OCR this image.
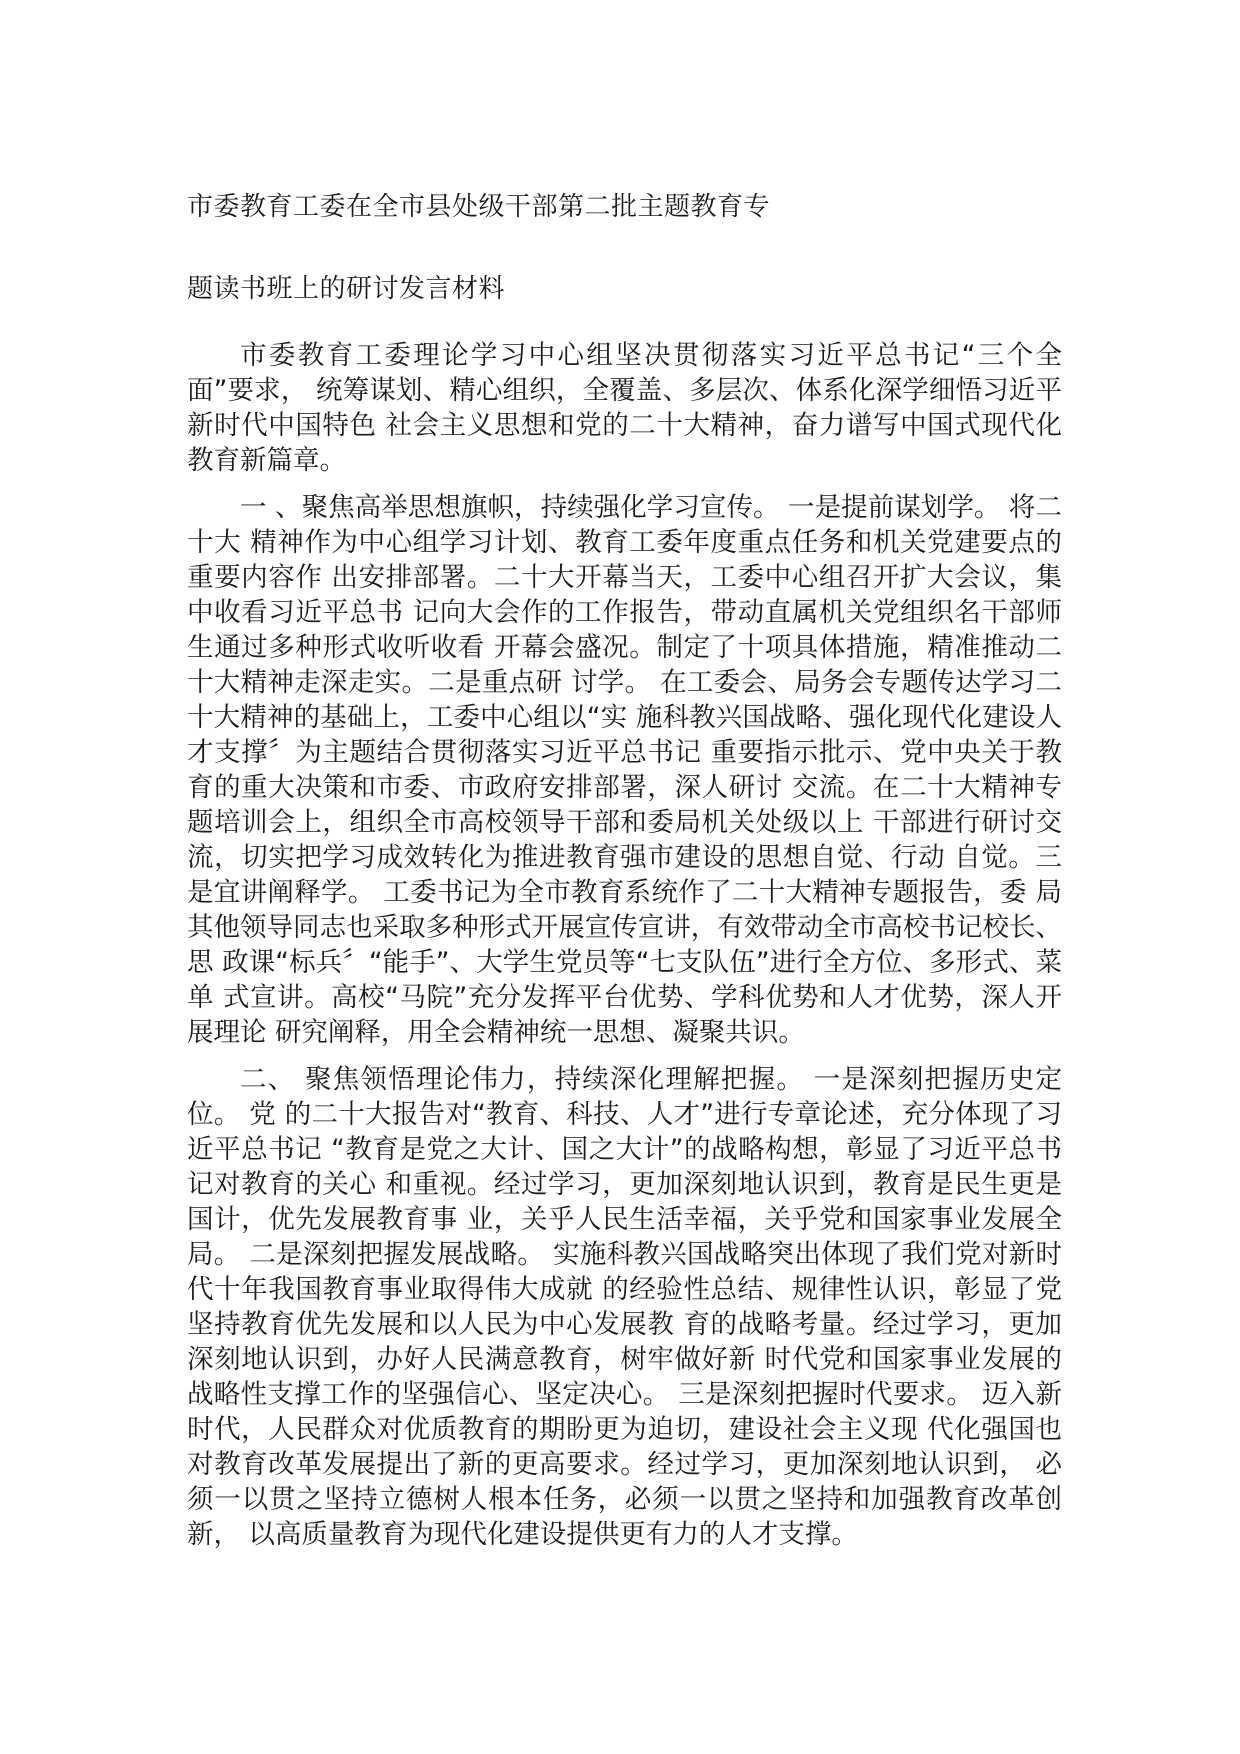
市委教育工委在全市县处级干部第二批主题教育专

题读书班上的研讨发言材料

市委教育工委理论学习中心组坚决贯彻落实习近平总书记“三个全面”要求， 统筹谋划、精心组织，全覆盖、多层次、体系化深学细悟习近平新时代中国特色 社会主义思想和党的二十大精神，奋力谱写中国式现代化教育新篇章。

一 、聚焦高举思想旗帜，持续强化学习宣传。 一是提前谋划学。 将二十大 精神作为中心组学习计划、教育工委年度重点任务和机关党建要点的重要内容作 出安排部署。二十大开幕当天，工委中心组召开扩大会议，集中收看习近平总书 记向大会作的工作报告，带动直属机关党组织名干部师生通过多种形式收听收看 开幕会盛况。制定了十项具体措施，精准推动二十大精神走深走实。二是重点研 讨学。 在工委会、局务会专题传达学习二十大精神的基础上，工委中心组以“实 施科教兴国战略、强化现代化建设人才支撑〞为主题结合贯彻落实习近平总书记 重要指示批示、党中央关于教育的重大决策和市委、市政府安排部署，深人研讨 交流。在二十大精神专题培训会上，组织全市高校领导干部和委局机关处级以上 干部进行研讨交流，切实把学习成效转化为推进教育强市建设的思想自觉、行动 自觉。三是宜讲阐释学。 工委书记为全市教育系统作了二十大精神专题报告，委 局其他领导同志也采取多种形式开展宣传宣讲，有效带动全市高校书记校长、思 政课“标兵〞“能手”、大学生党员等“七支队伍”进行全方位、多形式、菜单 式宣讲。高校“马院”充分发挥平台优势、学科优势和人才优势，深人开展理论 研究阐释，用全会精神统一思想、凝聚共识。

二、 聚焦领悟理论伟力，持续深化理解把握。 一是深刻把握历史定位。 党 的二十大报告对“教育、科技、人才”进行专章论述，充分体现了习近平总书记 “教育是党之大计、国之大计”的战略构想，彰显了习近平总书记对教育的关心 和重视。经过学习，更加深刻地认识到，教育是民生更是国计，优先发展教育事 业，关乎人民生活幸福，关乎党和国家事业发展全局。 二是深刻把握发展战略。 实施科教兴国战略突出体现了我们党对新时代十年我国教育事业取得伟大成就 的经验性总结、规律性认识，彰显了党坚持教育优先发展和以人民为中心发展教 育的战略考量。经过学习，更加深刻地认识到，办好人民满意教育，树牢做好新 时代党和国家事业发展的战略性支撑工作的坚强信心、坚定决心。 三是深刻把握时代要求。 迈入新时代，人民群众对优质教育的期盼更为迫切，建设社会主义现 代化强国也对教育改革发展提出了新的更高要求。经过学习，更加深刻地认识到， 必须一以贯之坚持立德树人根本任务，必须一以贯之坚持和加强教育改革创新， 以高质量教育为现代化建设提供更有力的人才支撑。
